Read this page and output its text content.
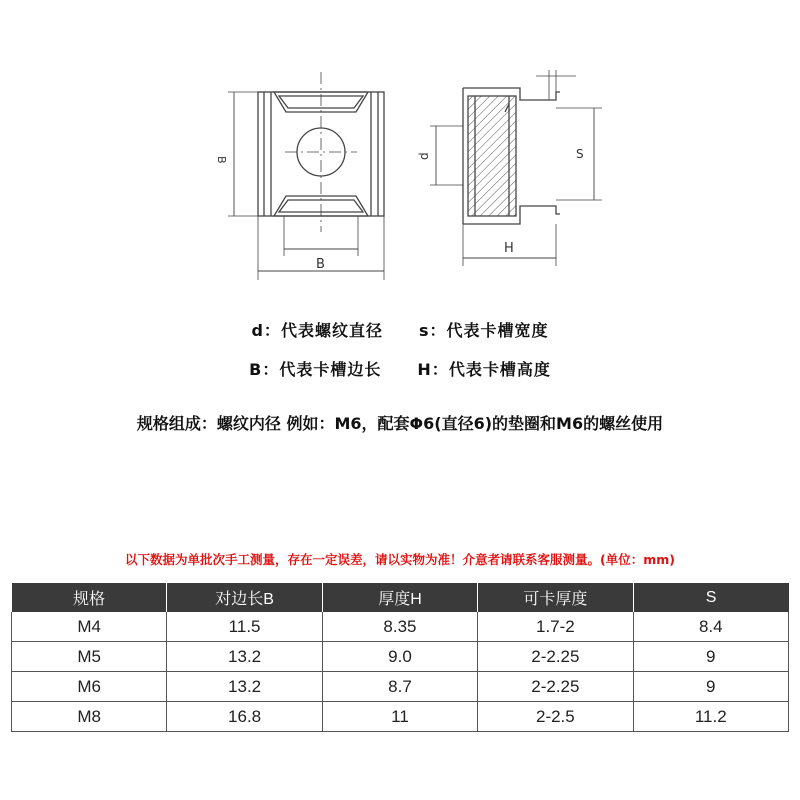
B
B
d	S
H
d：代表螺纹直径 s：代表卡槽宽度
B：代表卡槽边长 H：代表卡槽高度
规格组成：螺纹内径 例如：M6，配套Φ6(直径6)的垫圈和M6的螺丝使用
以下数据为单批次手工测量，存在一定误差，请以实物为准！介意者请联系客服测量。(单位：mm)
规格	对边长B	厚度H	可卡厚度	S
M4	11.5	8.35	1.7-2	8.4
M5	13.2	9.0	2-2.25	9
M6	13.2	8.7	2-2.25	9
M8	16.8	11	2-2.5	11.2
